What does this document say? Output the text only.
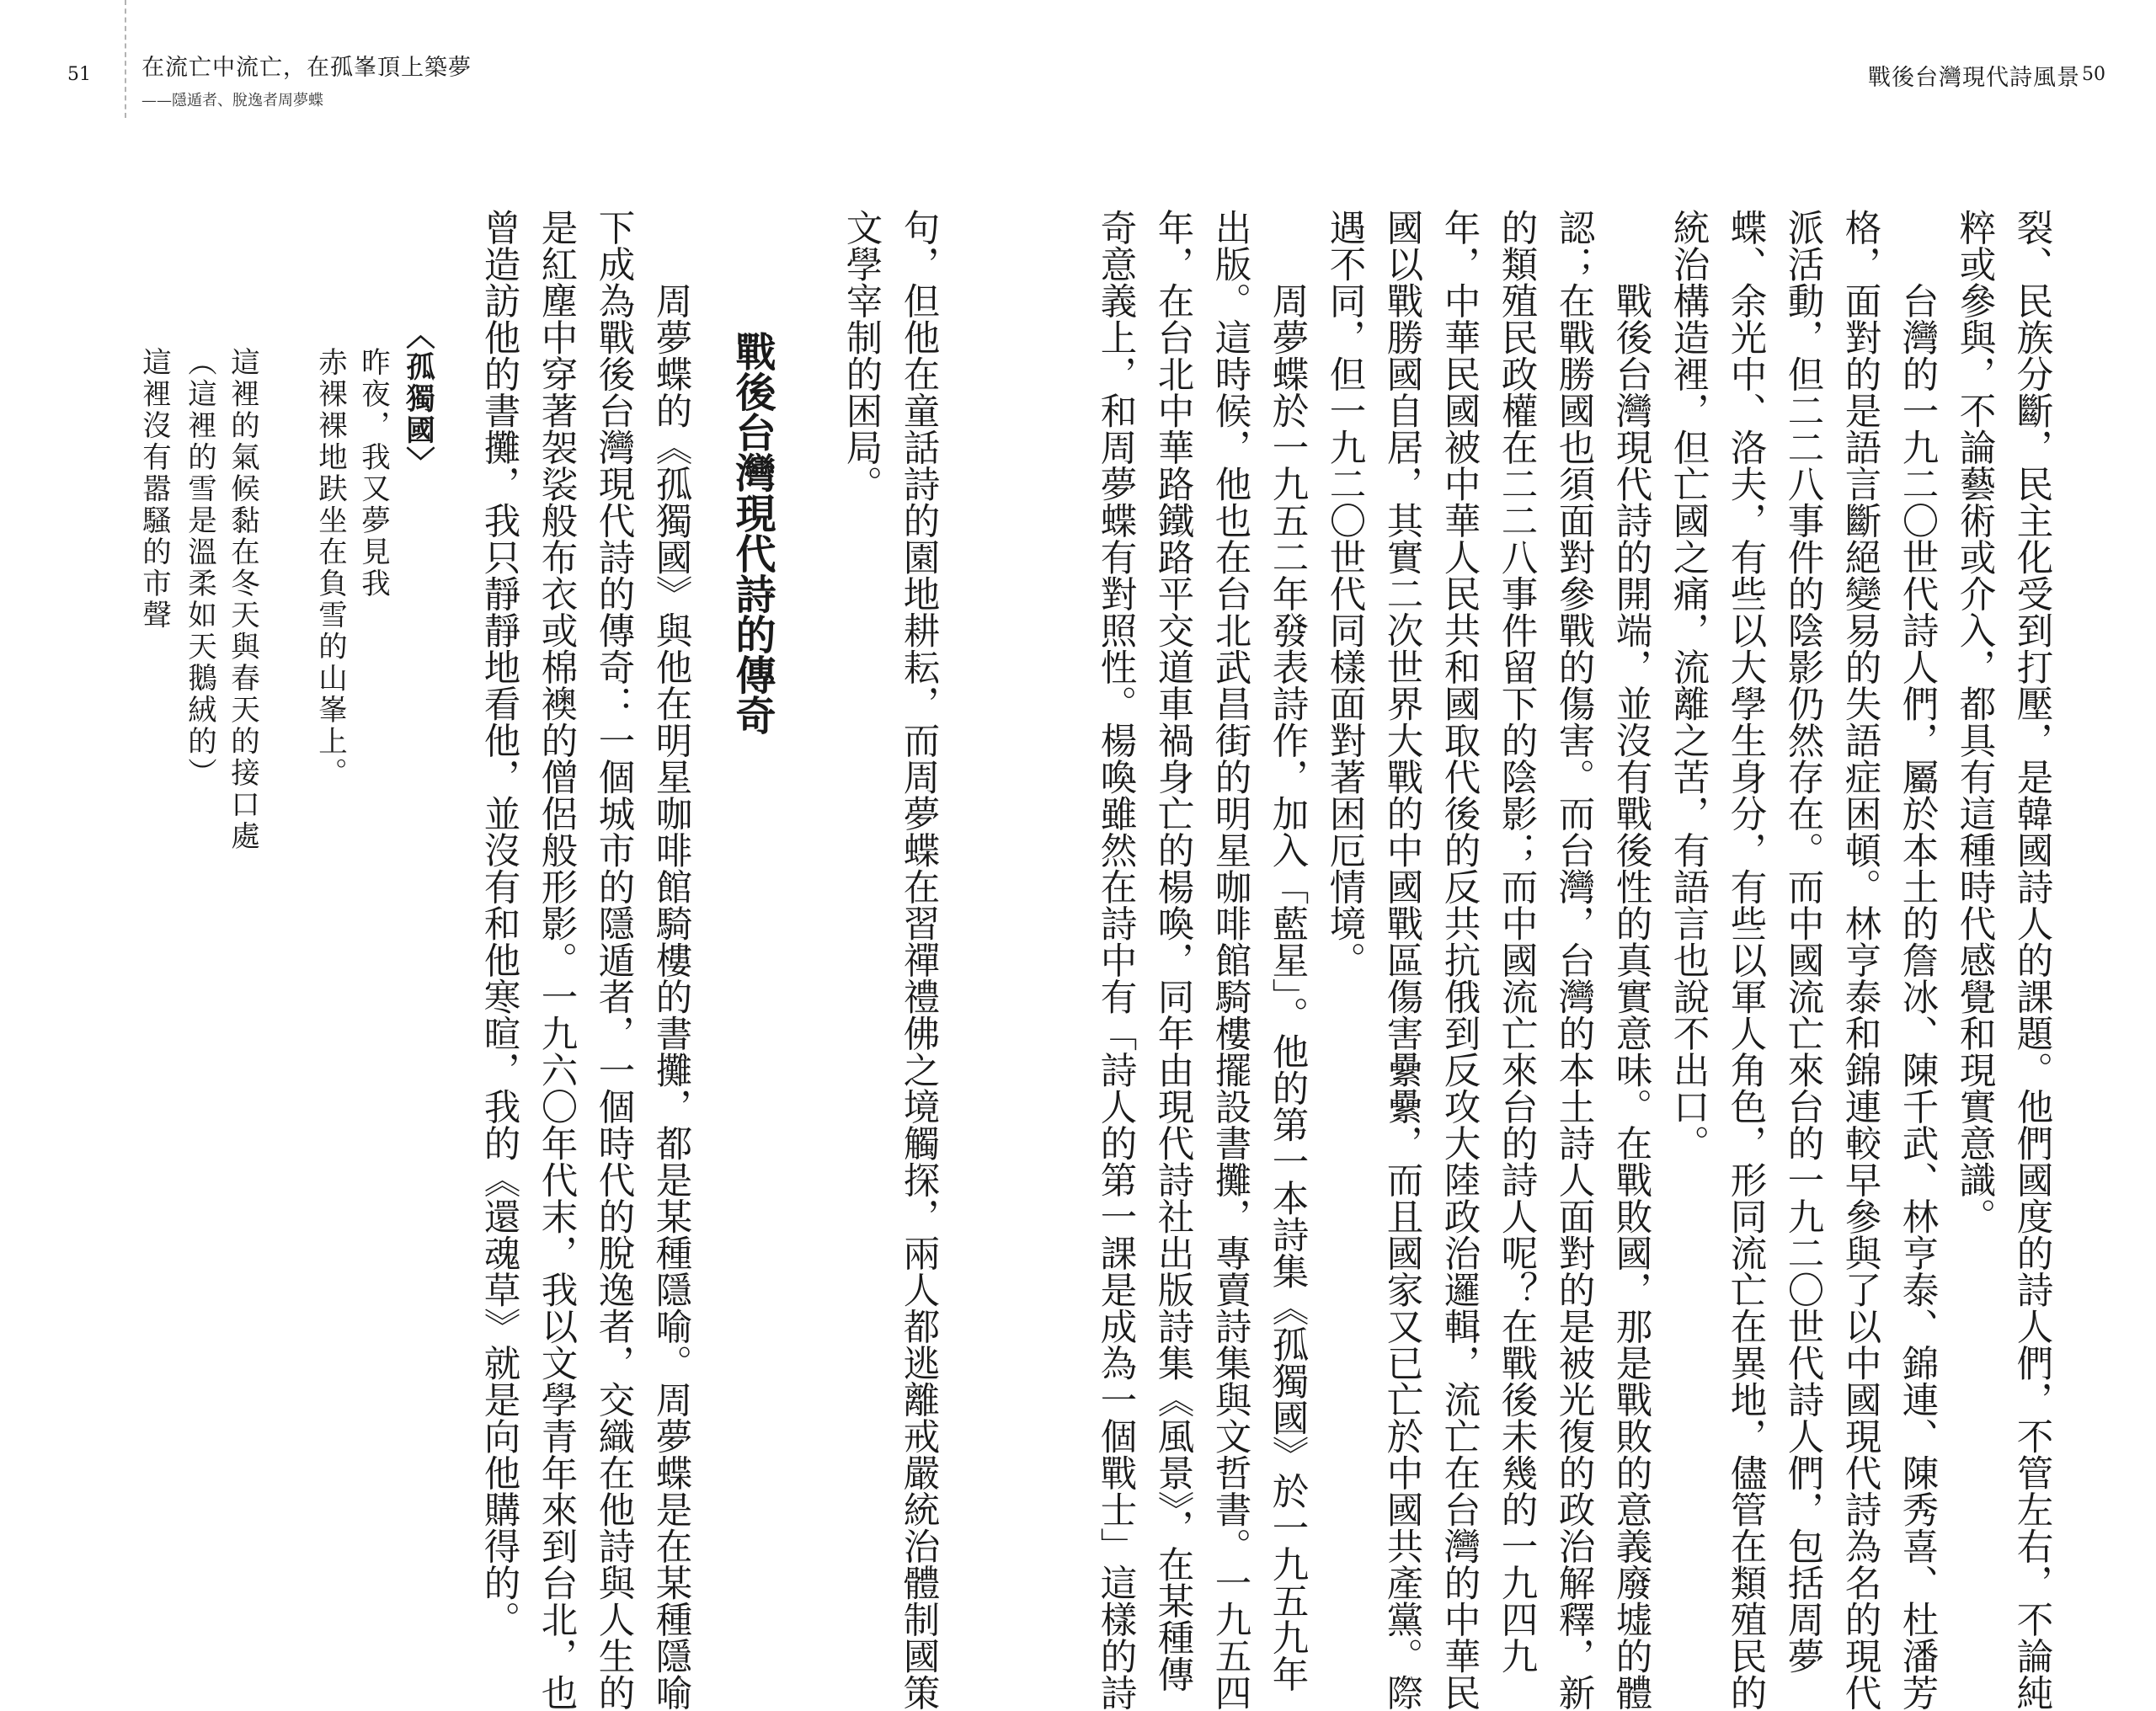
51 在流亡中流亡，在孤峯頂上築夢
——隱遁者、脫逸者周夢蝶
戰後台灣現代詩風景 50
裂、民族分斷，民主化受到打壓，是韓國詩人的課題。他們國度的詩人們，不管左右，不論純
粹或參與，不論藝術或介入，都具有這種時代感覺和現實意識。
台灣的一九二〇世代詩人們，屬於本土的詹冰、陳千武、林亨泰、錦連、陳秀喜、杜潘芳
格，面對的是語言斷絕變易的失語症困頓。林亨泰和錦連較早參與了以中國現代詩為名的現代
派活動，但二二八事件的陰影仍然存在。而中國流亡來台的一九二〇世代詩人們，包括周夢
蝶、余光中、洛夫，有些以大學生身分，有些以軍人角色，形同流亡在異地，儘管在類殖民的
統治構造裡，但亡國之痛，流離之苦，有語言也說不出口。
戰後台灣現代詩的開端，並沒有戰後性的真實意味。在戰敗國，那是戰敗的意義廢墟的體
認；在戰勝國也須面對參戰的傷害。而台灣，台灣的本土詩人面對的是被光復的政治解釋，新
的類殖民政權在二二八事件留下的陰影；而中國流亡來台的詩人呢？在戰後未幾的一九四九
年，中華民國被中華人民共和國取代後的反共抗俄到反攻大陸政治邏輯，流亡在台灣的中華民
國以戰勝國自居，其實二次世界大戰的中國戰區傷害纍纍，而且國家又已亡於中國共產黨。際
遇不同，但一九二〇世代同樣面對著困厄情境。
周夢蝶於一九五二年發表詩作，加入「藍星」。他的第一本詩集《孤獨國》於一九五九年
出版。這時候，他也在台北武昌街的明星咖啡館騎樓擺設書攤，專賣詩集與文哲書。一九五四
年，在台北中華路鐵路平交道車禍身亡的楊喚，同年由現代詩社出版詩集《風景》，在某種傳
奇意義上，和周夢蝶有對照性。楊喚雖然在詩中有「詩人的第一課是成為一個戰士」這樣的詩
句，但他在童話詩的園地耕耘，而周夢蝶在習禪禮佛之境觸探，兩人都逃離戒嚴統治體制國策
文學宰制的困局。
戰後台灣現代詩的傳奇
周夢蝶的《孤獨國》與他在明星咖啡館騎樓的書攤，都是某種隱喻。周夢蝶是在某種隱喻
下成為戰後台灣現代詩的傳奇：一個城市的隱遁者，一個時代的脫逸者，交織在他詩與人生的
是紅塵中穿著袈裟般布衣或棉襖的僧侶般形影。一九六〇年代末，我以文學青年來到台北，也
曾造訪他的書攤，我只靜靜地看他，並沒有和他寒暄，我的《還魂草》就是向他購得的。
〈孤獨國〉
昨夜，我又夢見我
赤裸裸地趺坐在負雪的山峯上。
這裡的氣候黏在冬天與春天的接口處
（這裡的雪是溫柔如天鵝絨的）
這裡沒有嚣騷的市聲
